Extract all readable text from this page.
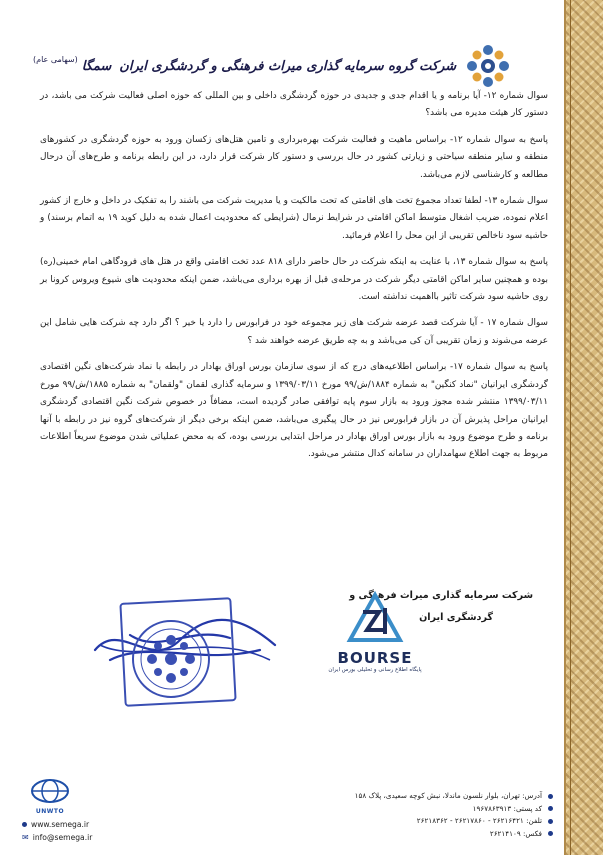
شرکت گروه سرمایه گذاری میراث فرهنگی و گردشگری ایران
سمگا
(سهامی عام)

سوال شماره ۱۲- آیا برنامه و یا اقدام جدی و جدیدی در حوزه گردشگری داخلی و بین المللی که حوزه اصلی فعالیت شرکت می باشد، در دستور کار هیئت مدیره می باشد؟

پاسخ به سوال شماره ۱۲- براساس ماهیت و فعالیت شرکت بهره‌برداری و تامین هتل‌های زکسان ورود به حوزه گردشگری در کشورهای منطقه و سایر منطقه سیاحتی و زیارتی کشور در حال بررسی و دستور کار شرکت قرار دارد، در این رابطه برنامه و طرح‌های آن درحال مطالعه و کارشناسی لازم می‌باشد.

سوال شماره ۱۳- لطفا تعداد مجموع تخت های اقامتی که تحت مالکیت و یا مدیریت شرکت می باشند را به تفکیک در داخل و خارج از کشور اعلام نموده، ضریب اشغال متوسط اماکن اقامتی در شرایط نرمال (شرایطی که محدودیت اعمال شده به دلیل کوید ۱۹ به اتمام برسند) و حاشیه سود ناخالص تقریبی از این محل را اعلام فرمائید.

پاسخ به سوال شماره ۱۳، با عنایت به اینکه شرکت در حال حاضر دارای ۸۱۸ عدد تخت اقامتی واقع در هتل های فرودگاهی امام خمینی(ره) بوده و همچنین سایر اماکن اقامتی دیگر شرکت در مرحله‌ی قبل از بهره برداری می‌باشد، ضمن اینکه محدودیت های شیوع ویروس کرونا بر روی حاشیه سود شرکت تاثیر بااهمیت نداشته است.

سوال شماره ۱۷ - آیا شرکت قصد عرضه شرکت های زیر مجموعه خود در فرابورس را دارد یا خیر ؟ اگر دارد چه شرکت هایی شامل این عرضه می‌شوند و زمان تقریبی آن کی می‌باشد و به چه طریق عرضه خواهند شد ؟

پاسخ به سوال شماره ۱۷- براساس اطلاعیه‌های درج که از سوی سازمان بورس اوراق بهادار در رابطه با نماد شرکت‌های نگین اقتصادی گردشگری ایرانیان "نماد کنگین" به شماره ۱۸۸۴/ش/۹۹ مورخ ۱۳۹۹/۰۳/۱۱ و سرمایه گذاری لقمان "ولقمان" به شماره ۱۸۸۵/ش/۹۹ مورخ ۱۳۹۹/۰۳/۱۱ منتشر شده مجوز ورود به بازار سوم پایه توافقی صادر گردیده است، مضافاً در خصوص شرکت نگین اقتصادی گردشگری ایرانیان مراحل پذیرش آن در بازار فرابورس نیز در حال پیگیری می‌باشد، ضمن اینکه برخی دیگر از شرکت‌های گروه نیز در رابطه با آنها برنامه و طرح موضوع ورود به بازار بورس اوراق بهادار در مراحل ابتدایی بررسی بوده، که به محض عملیاتی شدن موضوع سریعاً اطلاعات مربوط به جهت اطلاع سهامداران در سامانه کدال منتشر می‌شود.

شرکت سرمایه گذاری میراث فرهنگی و
گردشگری ایران
BOURSE
پایگاه اطلاع رسانی و تحلیلی بورس ایران
آدرس: تهران، بلوار نلسون ماندلا، نبش کوچه سعیدی، پلاک ۱۵۸
کد پستی: ۱۹۶۷۸۶۳۹۱۳
تلفن: ۲۶۲۱۶۴۲۱ - ۲۶۲۱۷۸۶۰ - ۲۶۲۱۸۳۶۲
فکس: ۲۶۲۱۴۱۰۹
UNWTO
www.semega.ir
✉ info@semega.ir
